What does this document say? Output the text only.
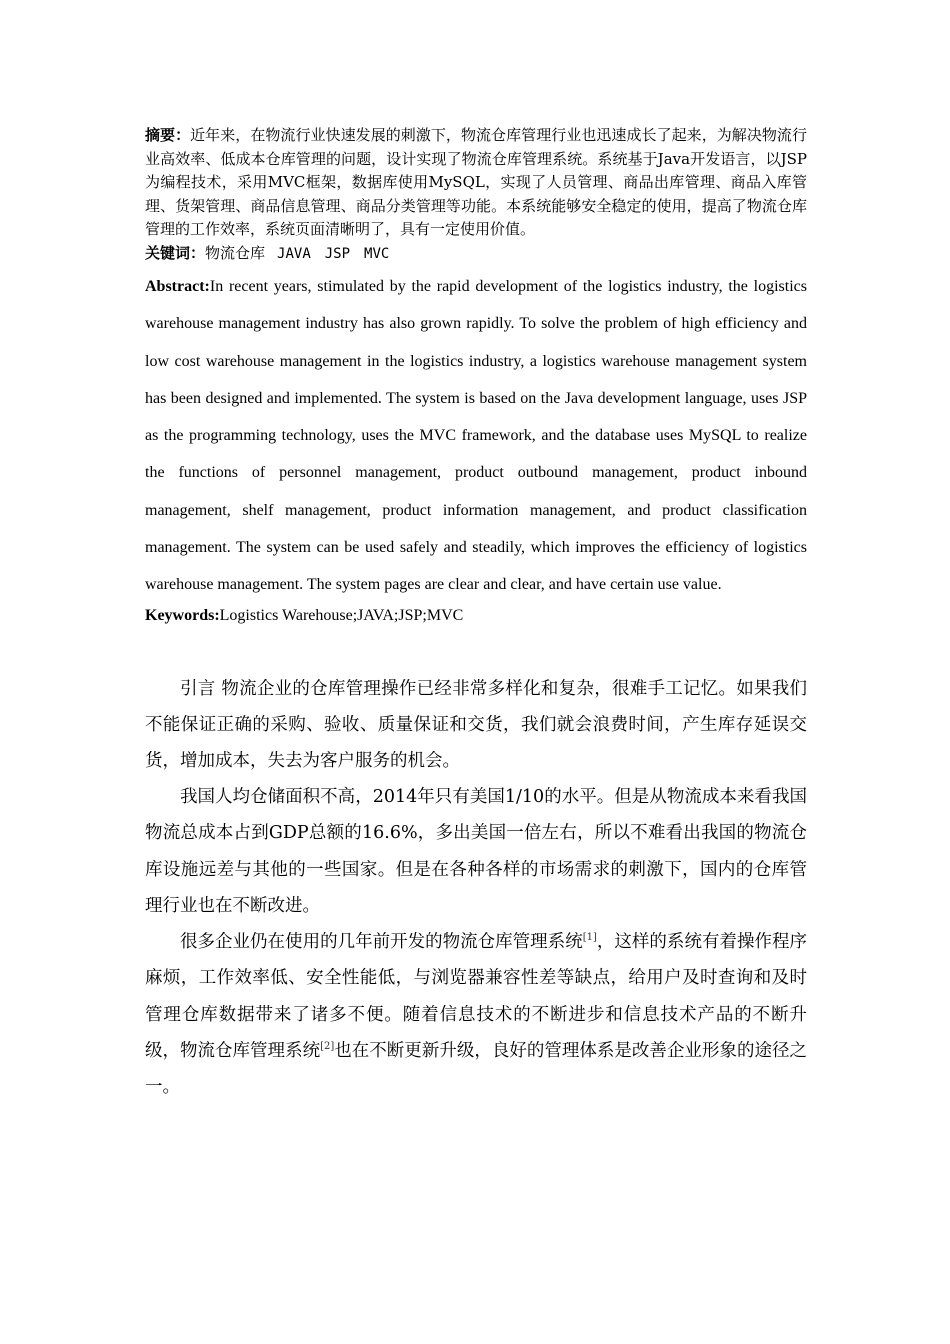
摘要：近年来，在物流行业快速发展的刺激下，物流仓库管理行业也迅速成长了起来，为解决物流行业高效率、低成本仓库管理的问题，设计实现了物流仓库管理系统。系统基于Java开发语言，以JSP为编程技术，采用MVC框架，数据库使用MySQL，实现了人员管理、商品出库管理、商品入库管理、货架管理、商品信息管理、商品分类管理等功能。本系统能够安全稳定的使用，提高了物流仓库管理的工作效率，系统页面清晰明了，具有一定使用价值。

关键词：物流仓库 JAVA JSP MVC

Abstract:In recent years, stimulated by the rapid development of the logistics industry, the logistics warehouse management industry has also grown rapidly. To solve the problem of high efficiency and low cost warehouse management in the logistics industry, a logistics warehouse management system has been designed and implemented. The system is based on the Java development language, uses JSP as the programming technology, uses the MVC framework, and the database uses MySQL to realize the functions of personnel management, product outbound management, product inbound management, shelf management, product information management, and product classification management. The system can be used safely and steadily, which improves the efficiency of logistics warehouse management. The system pages are clear and clear, and have certain use value.

Keywords:Logistics Warehouse;JAVA;JSP;MVC

引言 物流企业的仓库管理操作已经非常多样化和复杂，很难手工记忆。如果我们不能保证正确的采购、验收、质量保证和交货，我们就会浪费时间，产生库存延误交货，增加成本，失去为客户服务的机会。

我国人均仓储面积不高，2014年只有美国1/10的水平。但是从物流成本来看我国物流总成本占到GDP总额的16.6%，多出美国一倍左右，所以不难看出我国的物流仓库设施远差与其他的一些国家。但是在各种各样的市场需求的刺激下，国内的仓库管理行业也在不断改进。

很多企业仍在使用的几年前开发的物流仓库管理系统[1]，这样的系统有着操作程序麻烦，工作效率低、安全性能低，与浏览器兼容性差等缺点，给用户及时查询和及时管理仓库数据带来了诸多不便。随着信息技术的不断进步和信息技术产品的不断升级，物流仓库管理系统[2]也在不断更新升级，良好的管理体系是改善企业形象的途径之一。
